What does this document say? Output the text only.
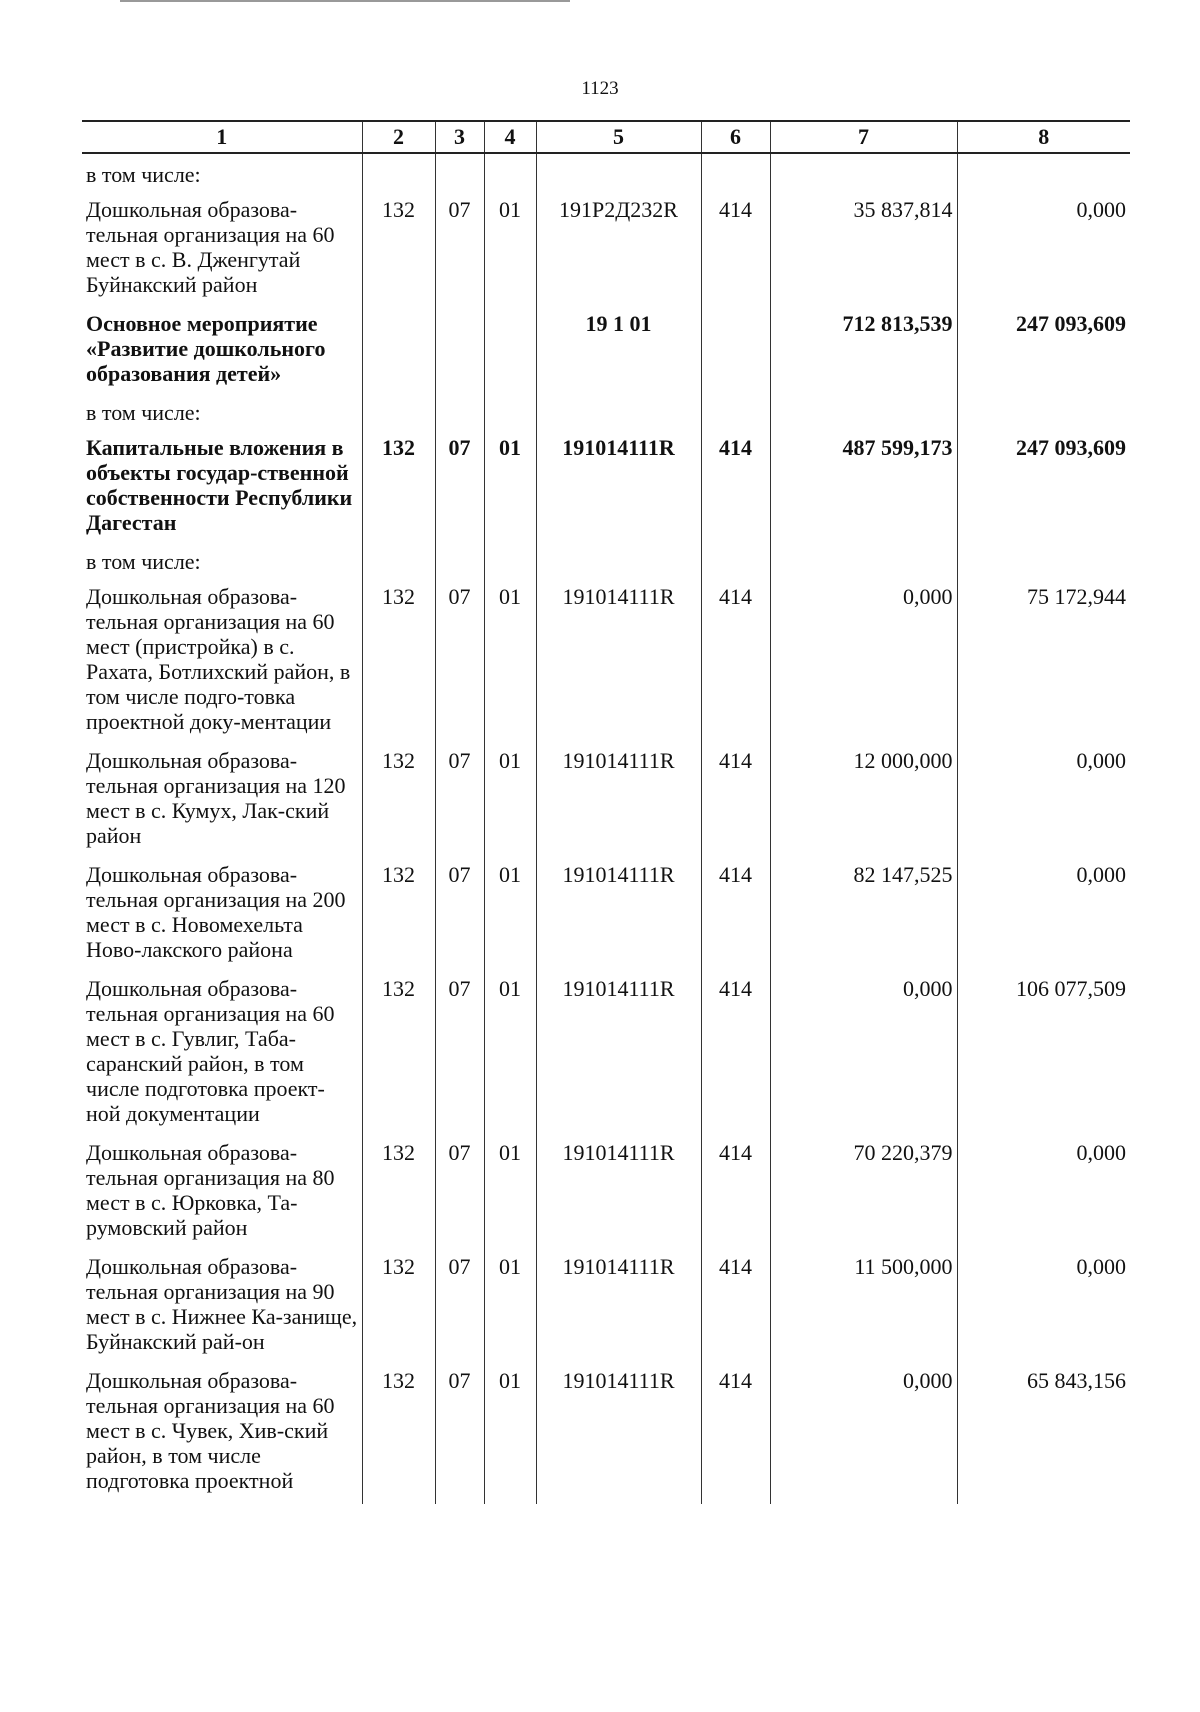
1123
1	2	3	4	5	6	7	8
в том числе:							
Дошкольная образова-тельная организация на 60 мест в с. В. Дженгутай Буйнакский район	132	07	01	191Р2Д232R	414	35 837,814	0,000
Основное мероприятие «Развитие дошкольного образования детей»				19 1 01		712 813,539	247 093,609
в том числе:							
Капитальные вложения в объекты государ-ственной собственности Республики Дагестан	132	07	01	191014111R	414	487 599,173	247 093,609
в том числе:							
Дошкольная образова-тельная организация на 60 мест (пристройка) в с. Рахата, Ботлихский район, в том числе подго-товка проектной доку-ментации	132	07	01	191014111R	414	0,000	75 172,944
Дошкольная образова-тельная организация на 120 мест в с. Кумух, Лак-ский район	132	07	01	191014111R	414	12 000,000	0,000
Дошкольная образова-тельная организация на 200 мест в с. Новомехельта Ново-лакского района	132	07	01	191014111R	414	82 147,525	0,000
Дошкольная образова-тельная организация на 60 мест в с. Гувлиг, Таба-саранский район, в том числе подготовка проект-ной документации	132	07	01	191014111R	414	0,000	106 077,509
Дошкольная образова-тельная организация на 80 мест в с. Юрковка, Та-румовский район	132	07	01	191014111R	414	70 220,379	0,000
Дошкольная образова-тельная организация на 90 мест в с. Нижнее Ка-занище, Буйнакский рай-он	132	07	01	191014111R	414	11 500,000	0,000
Дошкольная образова-тельная организация на 60 мест в с. Чувек, Хив-ский район, в том числе подготовка проектной	132	07	01	191014111R	414	0,000	65 843,156
